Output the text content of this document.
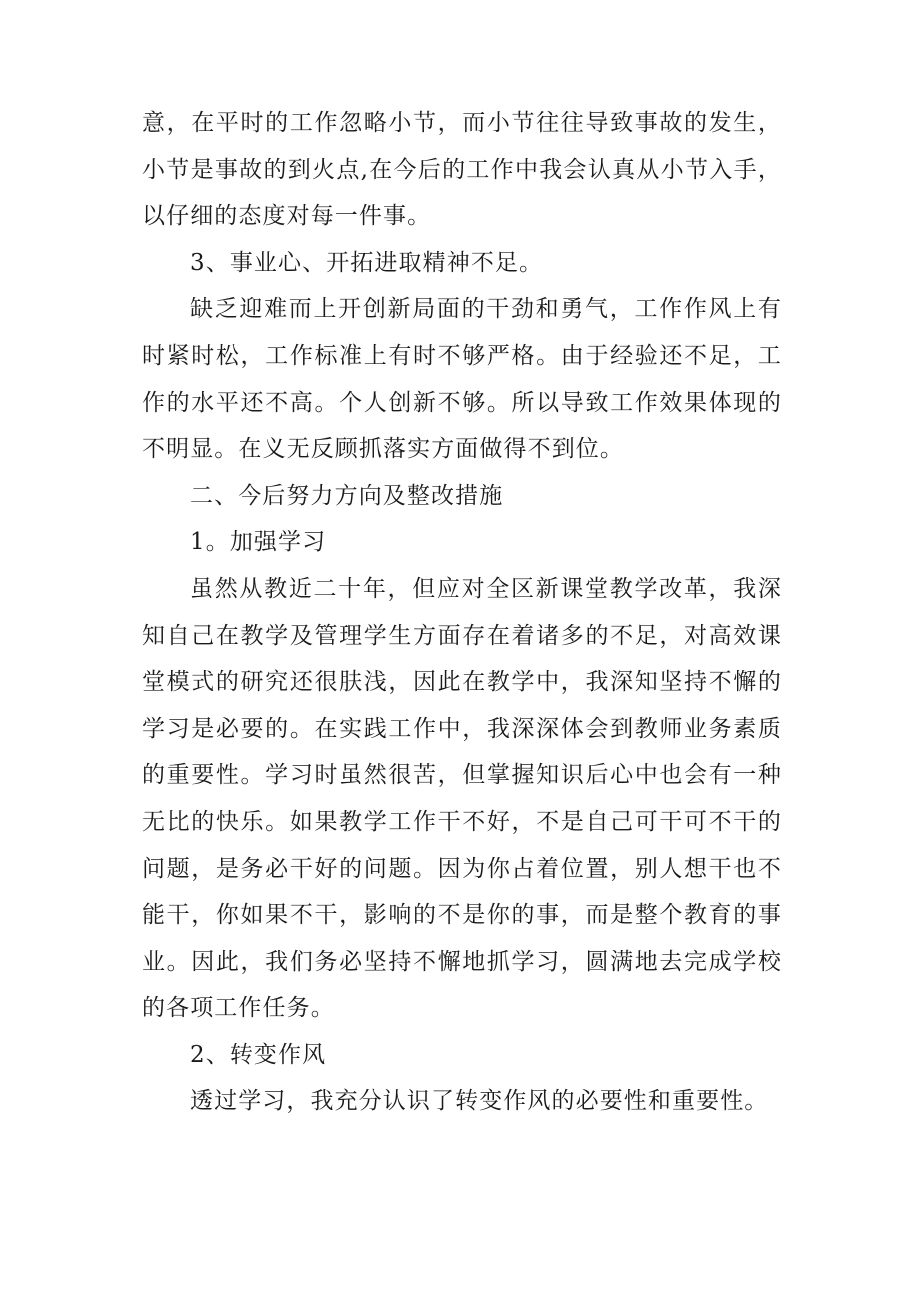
意，在平时的工作忽略小节，而小节往往导致事故的发生，小节是事故的到火点,在今后的工作中我会认真从小节入手，以仔细的态度对每一件事。

3、事业心、开拓进取精神不足。

缺乏迎难而上开创新局面的干劲和勇气，工作作风上有时紧时松，工作标准上有时不够严格。由于经验还不足，工作的水平还不高。个人创新不够。所以导致工作效果体现的不明显。在义无反顾抓落实方面做得不到位。

二、今后努力方向及整改措施

1。加强学习

虽然从教近二十年，但应对全区新课堂教学改革，我深知自己在教学及管理学生方面存在着诸多的不足，对高效课堂模式的研究还很肤浅，因此在教学中，我深知坚持不懈的学习是必要的。在实践工作中，我深深体会到教师业务素质的重要性。学习时虽然很苦，但掌握知识后心中也会有一种无比的快乐。如果教学工作干不好，不是自己可干可不干的问题，是务必干好的问题。因为你占着位置，别人想干也不能干，你如果不干，影响的不是你的事，而是整个教育的事业。因此，我们务必坚持不懈地抓学习，圆满地去完成学校的各项工作任务。

2、转变作风

透过学习，我充分认识了转变作风的必要性和重要性。
